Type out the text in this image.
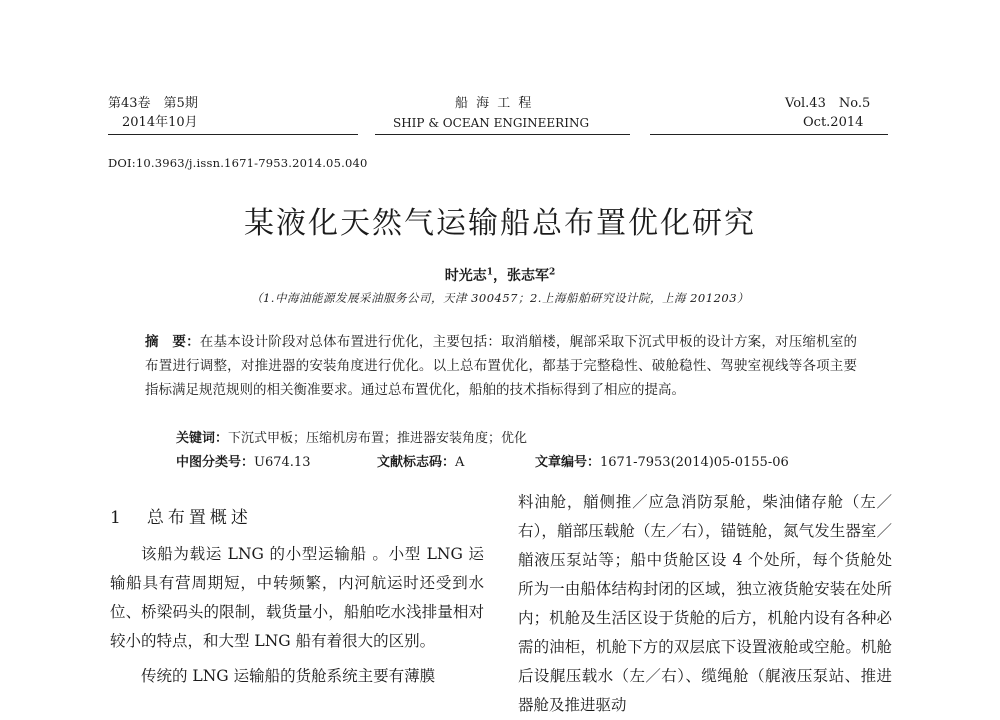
第43卷　第5期
2014年10月
船 海 工 程
SHIP & OCEAN ENGINEERING
Vol.43　No.5
Oct.2014
DOI:10.3963/j.issn.1671-7953.2014.05.040
某液化天然气运输船总布置优化研究
时光志$^1$，张志军$^2$
（1.中海油能源发展采油服务公司，天津 300457；2.上海船舶研究设计院，上海 201203）
摘　要：在基本设计阶段对总体布置进行优化，主要包括：取消艏楼，艉部采取下沉式甲板的设计方案，对压缩机室的布置进行调整，对推进器的安装角度进行优化。以上总布置优化，都基于完整稳性、破舱稳性、驾驶室视线等各项主要指标满足规范规则的相关衡准要求。通过总布置优化，船舶的技术指标得到了相应的提高。
关键词：下沉式甲板；压缩机房布置；推进器安装角度；优化
中图分类号：U674.13	文献标志码：A	文章编号：1671-7953(2014)05-0155-06
1 总布置概述

该船为载运 LNG 的小型运输船 。小型 LNG 运输船具有营周期短，中转频繁，内河航运时还受到水位、桥梁码头的限制，载货量小，船舶吃水浅排量相对较小的特点，和大型 LNG 船有着很大的区别。

传统的 LNG 运输船的货舱系统主要有薄膜

料油舱，艏侧推／应急消防泵舱，柴油储存舱（左／右），艏部压载舱（左／右），锚链舱，氮气发生器室／艏液压泵站等；船中货舱区设 4 个处所，每个货舱处所为一由船体结构封闭的区域，独立液货舱安装在处所内；机舱及生活区设于货舱的后方，机舱内设有各种必需的油柜，机舱下方的双层底下设置液舱或空舱。机舱后设艉压载水（左／右）、缆绳舱（艉液压泵站、推进器舱及推进驱动
